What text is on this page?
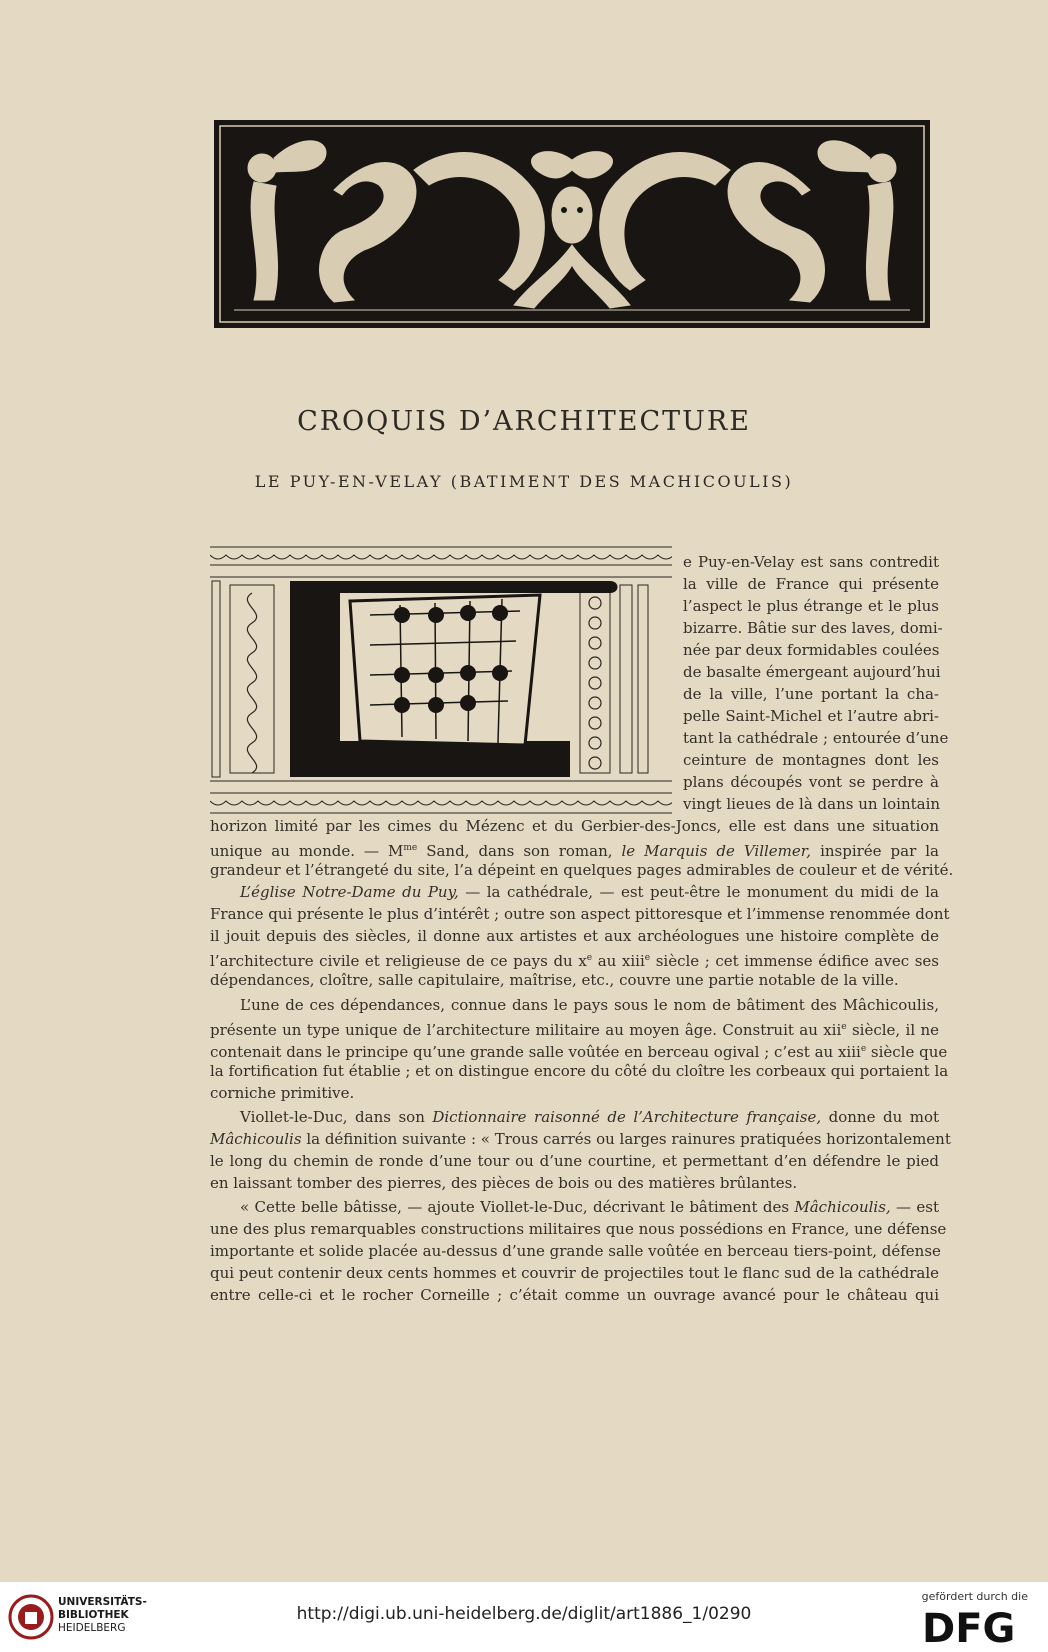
CROQUIS D’ARCHITECTURE
LE PUY-EN-VELAY (BATIMENT DES MACHICOULIS)
e Puy-en-Velay est sans contredit
la ville de France qui présente
l’aspect le plus étrange et le plus
bizarre. Bâtie sur des laves, domi-
née par deux formidables coulées
de basalte émergeant aujourd’hui
de la ville, l’une portant la cha-
pelle Saint-Michel et l’autre abri-
tant la cathédrale ; entourée d’une
ceinture de montagnes dont les
plans découpés vont se perdre à
vingt lieues de là dans un lointain
horizon limité par les cimes du Mézenc et du Gerbier-des-Joncs, elle est dans une situation
unique au monde. — $M^{me}$ Sand, dans son roman, le Marquis de Villemer, inspirée par la
grandeur et l’étrangeté du site, l’a dépeint en quelques pages admirables de couleur et de vérité.
L’église Notre-Dame du Puy, — la cathédrale, — est peut-être le monument du midi de la
France qui présente le plus d’intérêt ; outre son aspect pittoresque et l’immense renommée dont
il jouit depuis des siècles, il donne aux artistes et aux archéologues une histoire complète de
l’architecture civile et religieuse de ce pays du $x^e$ au xiii$^e$ siècle ; cet immense édifice avec ses
dépendances, cloître, salle capitulaire, maîtrise, etc., couvre une partie notable de la ville.
L’une de ces dépendances, connue dans le pays sous le nom de bâtiment des Mâchicoulis,
présente un type unique de l’architecture militaire au moyen âge. Construit au xii$^e$ siècle, il ne
contenait dans le principe qu’une grande salle voûtée en berceau ogival ; c’est au xiii$^e$ siècle que
la fortification fut établie ; et on distingue encore du côté du cloître les corbeaux qui portaient la
corniche primitive.
Viollet-le-Duc, dans son Dictionnaire raisonné de l’Architecture française, donne du mot
Mâchicoulis la définition suivante : « Trous carrés ou larges rainures pratiquées horizontalement
le long du chemin de ronde d’une tour ou d’une courtine, et permettant d’en défendre le pied
en laissant tomber des pierres, des pièces de bois ou des matières brûlantes.
« Cette belle bâtisse, — ajoute Viollet-le-Duc, décrivant le bâtiment des Mâchicoulis, — est
une des plus remarquables constructions militaires que nous possédions en France, une défense
importante et solide placée au-dessus d’une grande salle voûtée en berceau tiers-point, défense
qui peut contenir deux cents hommes et couvrir de projectiles tout le flanc sud de la cathédrale
entre celle-ci et le rocher Corneille ; c’était comme un ouvrage avancé pour le château qui
UNIVERSITÄTS-
BIBLIOTHEK
HEIDELBERG
http://digi.ub.uni-heidelberg.de/diglit/art1886_1/0290
gefördert durch die
DFG
